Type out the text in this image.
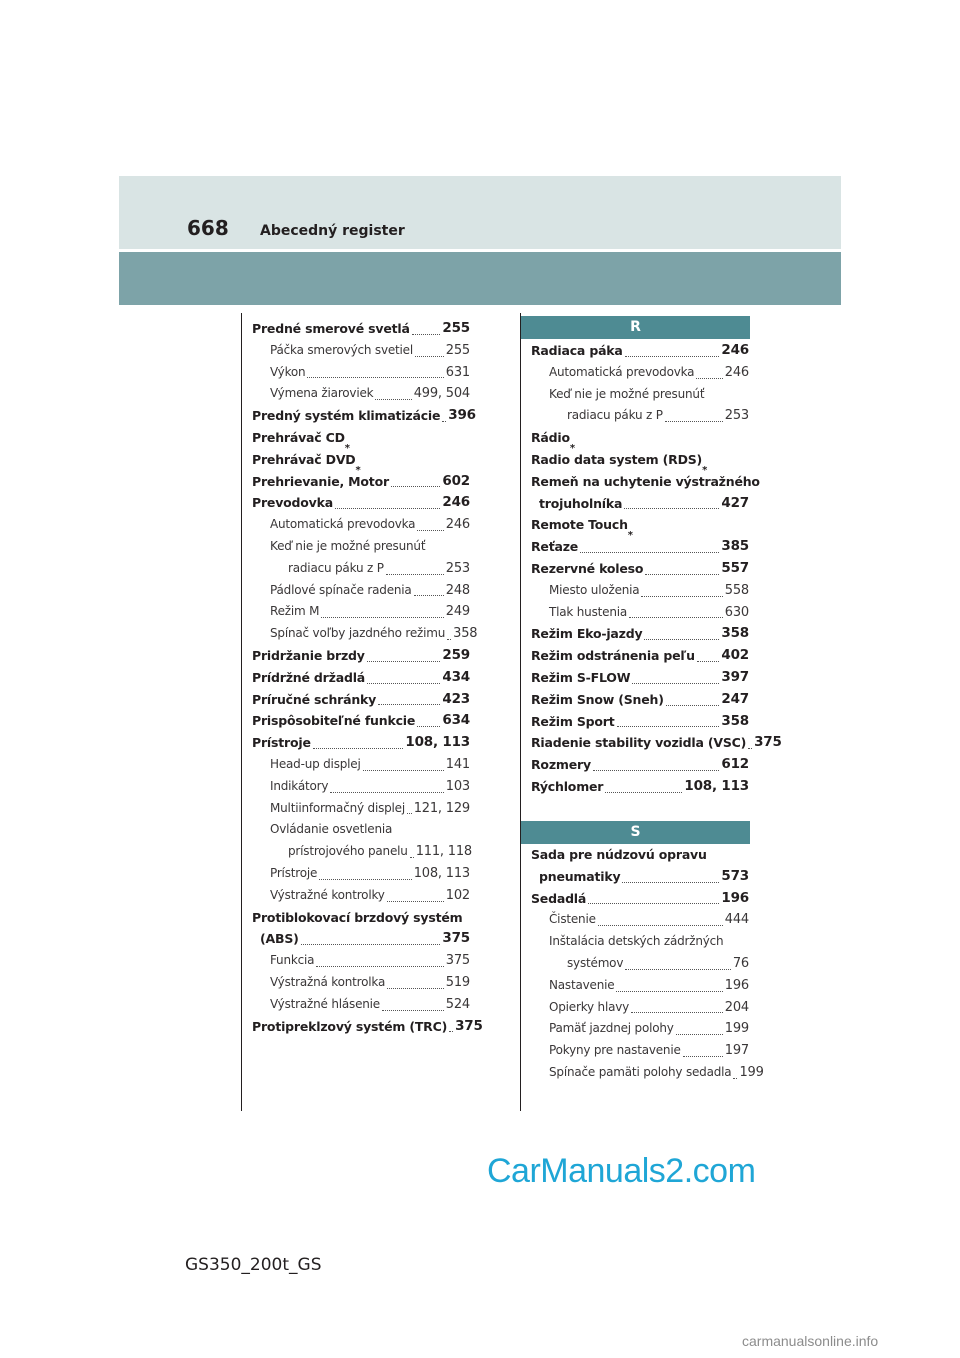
668 Abecedný register
Predné smerové svetlá 255
Páčka smerových svetiel	255
Výkon	631
Výmena žiaroviek	499, 504
Predný systém klimatizácie 396
Prehrávač CD
*
Prehrávač DVD
*
Prehrievanie, Motor	602
Prevodovka	246
Automatická prevodovka 246
Keď nie je možné presunúť
radiacu páku z P	253
Pádlové spínače radenia	248
Režim M	249
Spínač voľby jazdného režimu 358
Pridržanie brzdy	259
Prídržné držadlá	434
Príručné schránky	423
Prispôsobiteľné funkcie 634
Prístroje	108, 113
Head-up displej	141
Indikátory	103
Multiinformačný displej 121, 129
Ovládanie osvetlenia
prístrojového panelu 111, 118
Prístroje	108, 113
Výstražné kontrolky	102
Protiblokovací brzdový systém
(ABS)	375
Funkcia	375
Výstražná kontrolka	519
Výstražné hlásenie	524
Protipreklzový systém (TRC) 375
R
Radiaca páka	246
Automatická prevodovka 246
Keď nie je možné presunúť
radiacu páku z P	253
Rádio
*
Radio data system (RDS)
*
Remeň na uchytenie výstražného
trojuholníka	427
Remote Touch
*
Reťaze	385
Rezervné koleso	557
Miesto uloženia	558
Tlak hustenia	630
Režim Eko-jazdy	358
Režim odstránenia peľu 402
Režim S-FLOW	397
Režim Snow (Sneh)	247
Režim Sport	358
Riadenie stability vozidla (VSC) 375
Rozmery	612
Rýchlomer	108, 113
S
Sada pre núdzovú opravu
pneumatiky	573
Sedadlá	196
Čistenie	444
Inštalácia detských zádržných
systémov	76
Nastavenie	196
Opierky hlavy	204
Pamäť jazdnej polohy	199
Pokyny pre nastavenie	197
Spínače pamäti polohy sedadla 199
CarManuals2.com
GS350_200t_GS
carmanualsonline.info
